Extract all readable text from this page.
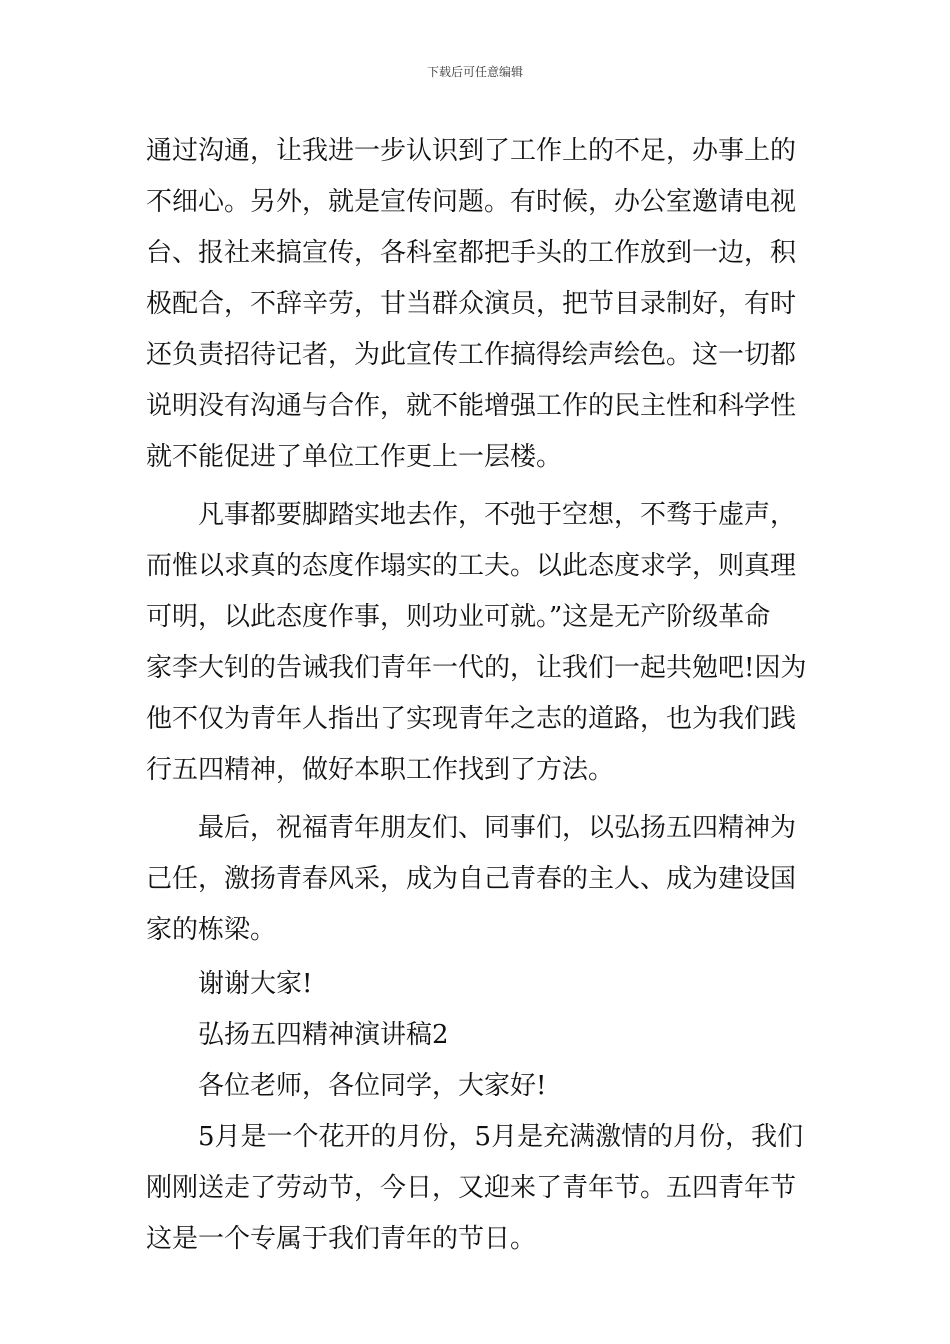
下载后可任意编辑
通过沟通，让我进一步认识到了工作上的不足，办事上的
不细心。另外，就是宣传问题。有时候，办公室邀请电视
台、报社来搞宣传，各科室都把手头的工作放到一边，积
极配合，不辞辛劳，甘当群众演员，把节目录制好，有时
还负责招待记者，为此宣传工作搞得绘声绘色。这一切都
说明没有沟通与合作，就不能增强工作的民主性和科学性
就不能促进了单位工作更上一层楼。
　　凡事都要脚踏实地去作，不弛于空想，不骛于虚声，
而惟以求真的态度作塌实的工夫。以此态度求学，则真理
可明，以此态度作事，则功业可就。”这是无产阶级革命
家李大钊的告诫我们青年一代的，让我们一起共勉吧!因为
他不仅为青年人指出了实现青年之志的道路，也为我们践
行五四精神，做好本职工作找到了方法。
　　最后，祝福青年朋友们、同事们，以弘扬五四精神为
己任，激扬青春风采，成为自己青春的主人、成为建设国
家的栋梁。
　　谢谢大家!
　　弘扬五四精神演讲稿2
　　各位老师，各位同学，大家好!
　　5月是一个花开的月份，5月是充满激情的月份，我们
刚刚送走了劳动节，今日，又迎来了青年节。五四青年节
这是一个专属于我们青年的节日。
